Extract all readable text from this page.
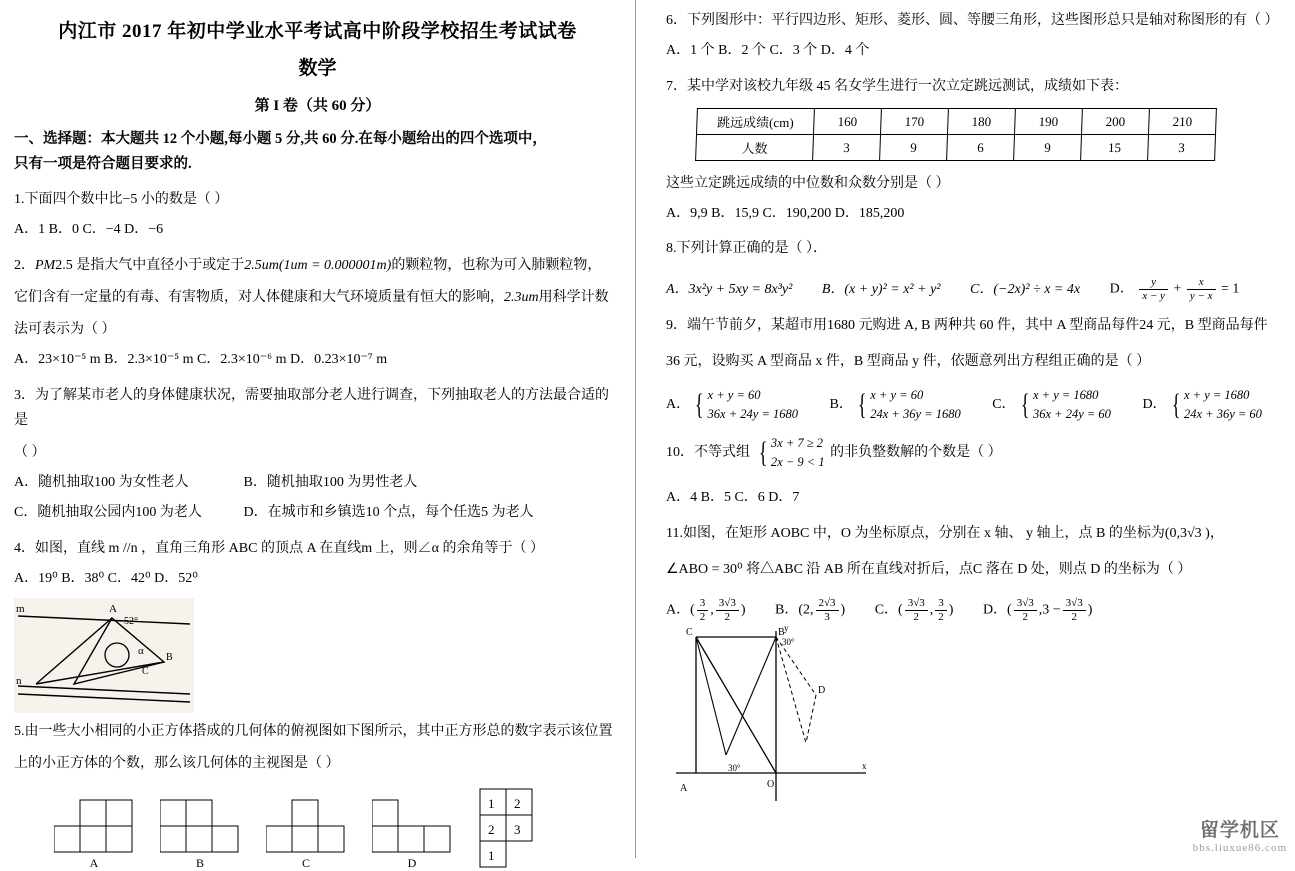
内江市 2017 年初中学业水平考试高中阶段学校招生考试试卷
数学
第 I 卷（共 60 分）
一、选择题：本大题共 12 个小题,每小题 5 分,共 60 分.在每小题给出的四个选项中，
只有一项是符合题目要求的.
1.下面四个数中比−5 小的数是（ ）
A．1 B．0 C．−4 D．−6
2．PM2.5 是指大气中直径小于或定于2.5um(1um = 0.000001m)的颗粒物，也称为可入肺颗粒物，
它们含有一定量的有毒、有害物质，对人体健康和大气环境质量有恒大的影响，2.3um用科学计数
法可表示为（ ）
A．23×10⁻⁵ m B．2.3×10⁻⁵ m C．2.3×10⁻⁶ m D．0.23×10⁻⁷ m
3．为了解某市老人的身体健康状况，需要抽取部分老人进行调查，下列抽取老人的方法最合适的是
（ ）
A．随机抽取100 为女性老人	B．随机抽取100 为男性老人
C．随机抽取公园内100 为老人	D．在城市和乡镇选10 个点，每个任选5 为老人
4．如图，直线 m //n ，直角三角形 ABC 的顶点 A 在直线m 上，则∠α 的余角等于（ ）
A．19⁰ B．38⁰ C．42⁰ D．52⁰
A
m
n
52°
α
B
C
5.由一些大小相同的小正方体搭成的几何体的俯视图如下图所示，其中正方形总的数字表示该位置
上的小正方体的个数，那么该几何体的主视图是（ ）
A	B	C	D
1 2
2 3
1
6．下列图形中：平行四边形、矩形、菱形、圆、等腰三角形，这些图形总只是轴对称图形的有（ ）
A．1 个 B．2 个 C．3 个 D．4 个
7．某中学对该校九年级 45 名女学生进行一次立定跳远测试，成绩如下表：
跳远成绩(cm)	160	170	180	190	200	210
人数	3	9	6	9	15	3
这些立定跳远成绩的中位数和众数分别是（ ）
A．9,9 B．15,9 C．190,200 D．185,200
8.下列计算正确的是（ ）．
A．3x²y + 5xy = 8x³y² B．(x + y)² = x² + y² C．(−2x)² ÷ x = 4x D． $\frac{y}{x - y} + \frac{x}{y - x} = 1$
9．端午节前夕，某超市用1680 元购进 A, B 两种共 60 件，其中 A 型商品每件24 元，B 型商品每件
36 元，设购买 A 型商品 x 件，B 型商品 y 件，依题意列出方程组正确的是（ ）
A． { x + y = 60
36x + 24y = 1680
B． { x + y = 60
24x + 36y = 1680
C． { x + y = 1680
36x + 24y = 60
D． { x + y = 1680
24x + 36y = 60
10．不等式组 { 3x + 7 ≥ 2
2x − 9 < 1
的非负整数解的个数是（ ）
A．4 B．5 C．6 D．7
11.如图，在矩形 AOBC 中，O 为坐标原点，分别在 x 轴、 y 轴上，点 B 的坐标为(0,3√3 )，
∠ABO = 30⁰ 将△ABC 沿 AB 所在直线对折后，点C 落在 D 处，则点 D 的坐标为（ ）
A．( $\frac{3}{2}$ , $\frac{3√3}{2}$ ) B．(2, $\frac{2√3}{3}$ ) C．( $\frac{3√3}{2}$ , $\frac{3}{2}$ ) D．( $\frac{3√3}{2} ,3 - \frac{3√3}{2}$ )
C	B
D
O
A
30°
30°
y
x
留学机区
bbs.liuxue86.com
